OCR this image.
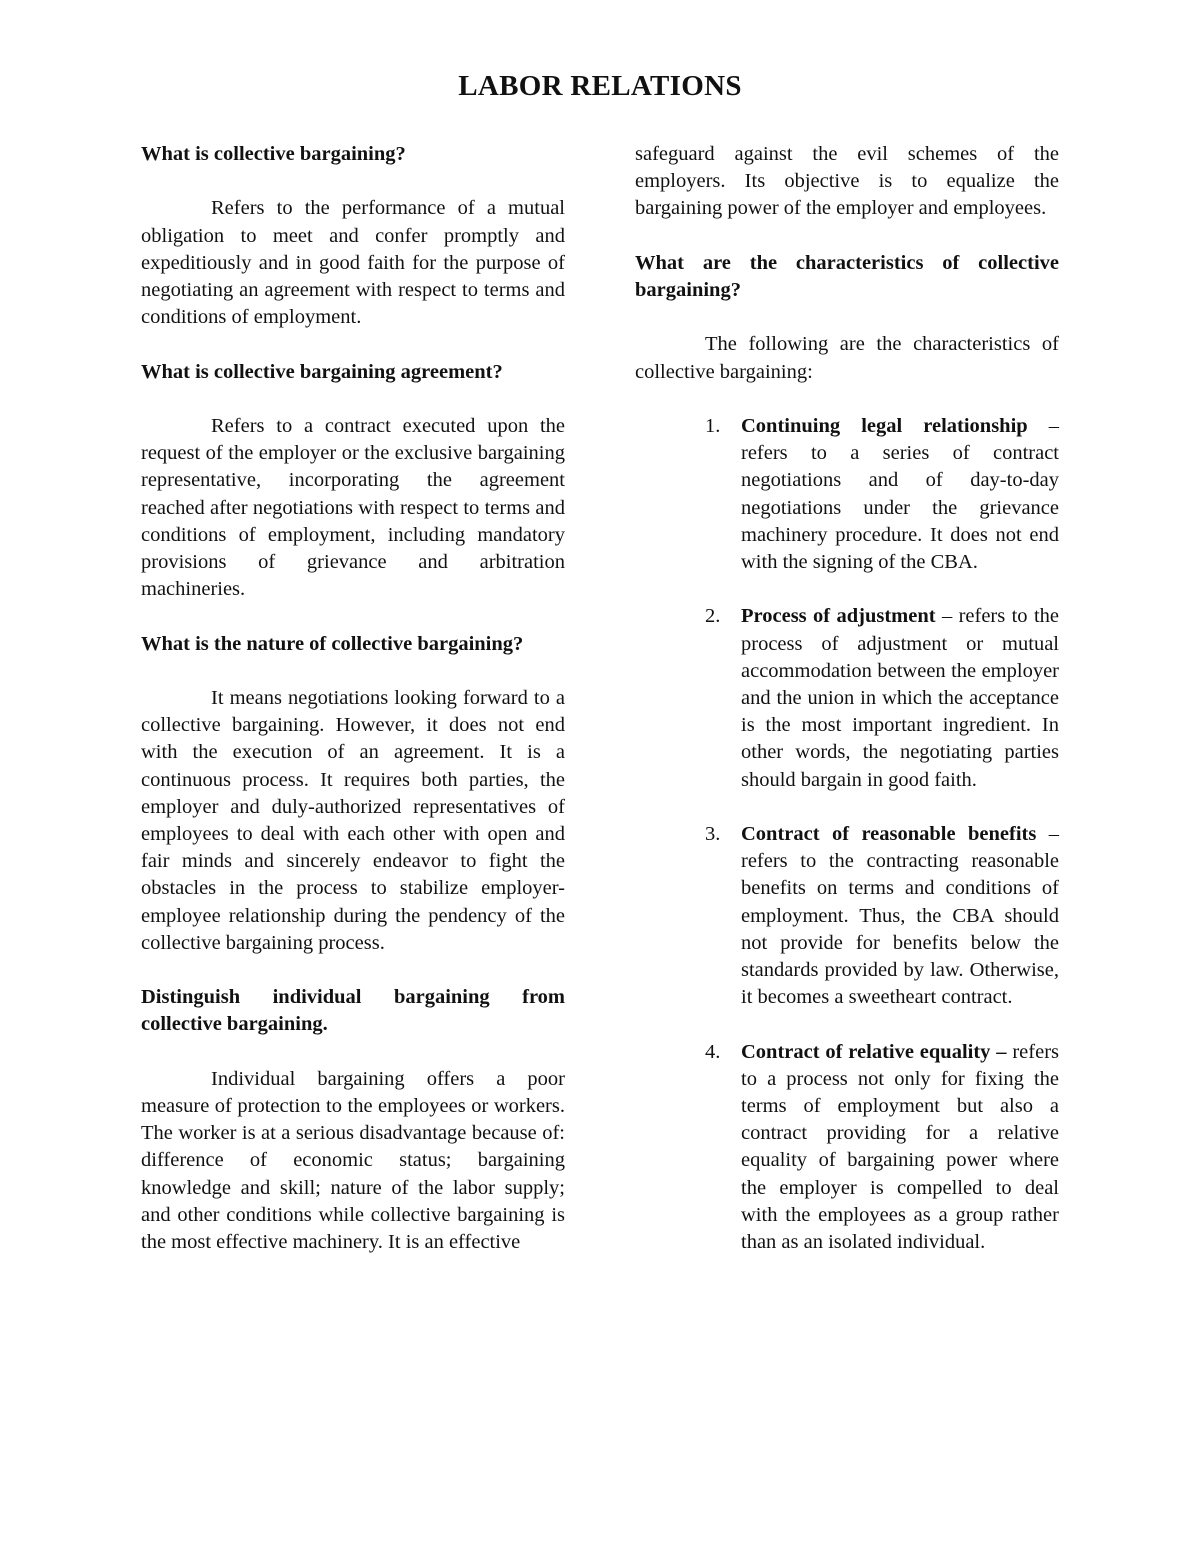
LABOR RELATIONS
What is collective bargaining?

Refers to the performance of a mutual obligation to meet and confer promptly and expeditiously and in good faith for the purpose of negotiating an agreement with respect to terms and conditions of employment.

What is collective bargaining agreement?

Refers to a contract executed upon the request of the employer or the exclusive bargaining representative, incorporating the agreement reached after negotiations with respect to terms and conditions of employment, including mandatory provisions of grievance and arbitration machineries.

What is the nature of collective bargaining?

It means negotiations looking forward to a collective bargaining. However, it does not end with the execution of an agreement. It is a continuous process. It requires both parties, the employer and duly-authorized representatives of employees to deal with each other with open and fair minds and sincerely endeavor to fight the obstacles in the process to stabilize employer-employee relationship during the pendency of the collective bargaining process.

Distinguish individual bargaining from collective bargaining.

Individual bargaining offers a poor measure of protection to the employees or workers. The worker is at a serious disadvantage because of: difference of economic status; bargaining knowledge and skill; nature of the labor supply; and other conditions while collective bargaining is the most effective machinery. It is an effective

safeguard against the evil schemes of the employers. Its objective is to equalize the bargaining power of the employer and employees.

What are the characteristics of collective bargaining?

The following are the characteristics of collective bargaining:

1. Continuing legal relationship – refers to a series of contract negotiations and of day-to-day negotiations under the grievance machinery procedure. It does not end with the signing of the CBA.
2. Process of adjustment – refers to the process of adjustment or mutual accommodation between the employer and the union in which the acceptance is the most important ingredient. In other words, the negotiating parties should bargain in good faith.
3. Contract of reasonable benefits – refers to the contracting reasonable benefits on terms and conditions of employment. Thus, the CBA should not provide for benefits below the standards provided by law. Otherwise, it becomes a sweetheart contract.
4. Contract of relative equality – refers to a process not only for fixing the terms of employment but also a contract providing for a relative equality of bargaining power where the employer is compelled to deal with the employees as a group rather than as an isolated individual.
